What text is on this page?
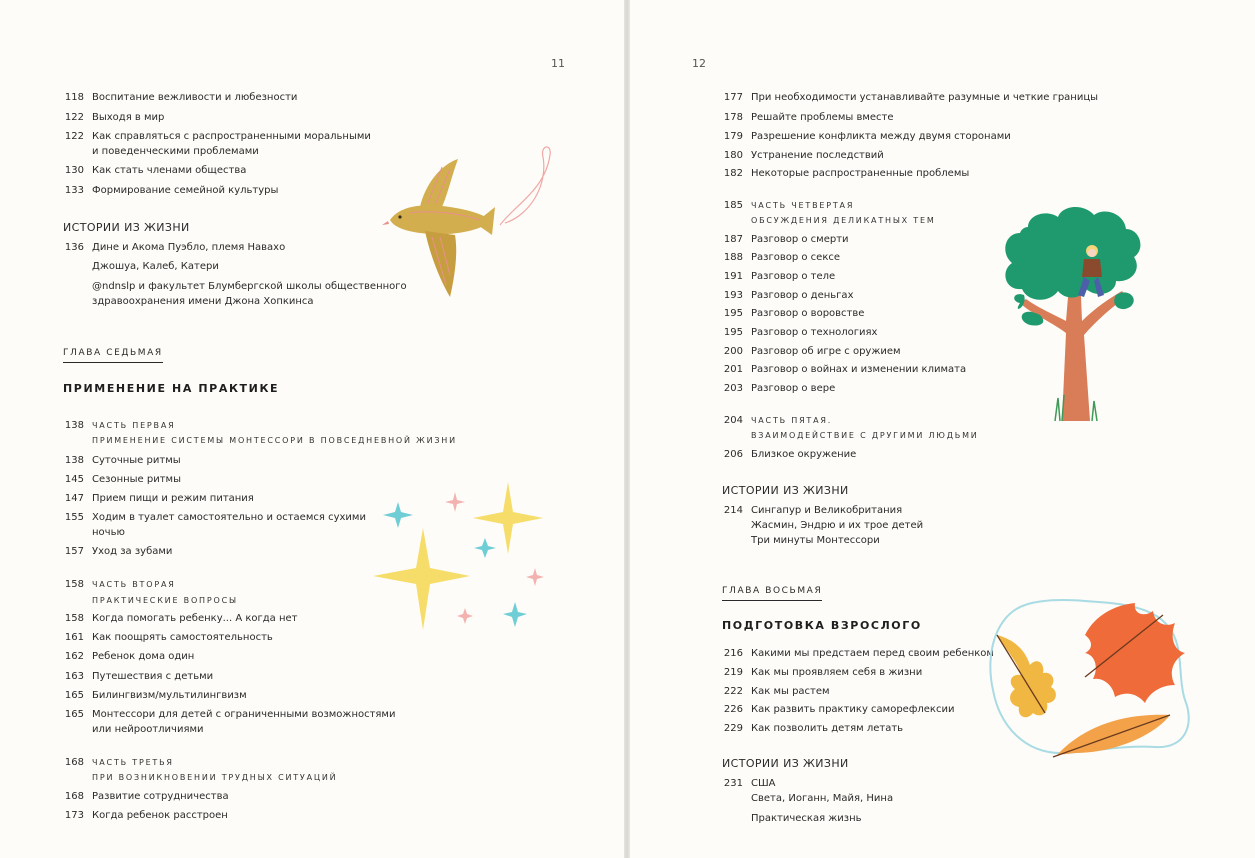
11
118 Воспитание вежливости и любезности
122 Выходя в мир
122 Как справляться с распространенными моральными
и поведенческими проблемами
130 Как стать членами общества
133 Формирование семейной культуры
ИСТОРИИ ИЗ ЖИЗНИ
136 Дине и Акома Пуэбло, племя Навахо
Джошуа, Калеб, Катери
@ndnslp и факультет Блумбергской школы общественного
здравоохранения имени Джона Хопкинса
ГЛАВА СЕДЬМАЯ
ПРИМЕНЕНИЕ НА ПРАКТИКЕ
138 ЧАСТЬ ПЕРВАЯ
ПРИМЕНЕНИЕ СИСТЕМЫ МОНТЕССОРИ В ПОВСЕДНЕВНОЙ ЖИЗНИ
138 Суточные ритмы
145 Сезонные ритмы
147 Прием пищи и режим питания
155 Ходим в туалет самостоятельно и остаемся сухими
ночью
157 Уход за зубами
158 ЧАСТЬ ВТОРАЯ
ПРАКТИЧЕСКИЕ ВОПРОСЫ
158 Когда помогать ребенку... А когда нет
161 Как поощрять самостоятельность
162 Ребенок дома один
163 Путешествия с детьми
165 Билингвизм/мультилингвизм
165 Монтессори для детей с ограниченными возможностями
или нейроотличиями
168 ЧАСТЬ ТРЕТЬЯ
ПРИ ВОЗНИКНОВЕНИИ ТРУДНЫХ СИТУАЦИЙ
168 Развитие сотрудничества
173 Когда ребенок расстроен
12
177 При необходимости устанавливайте разумные и четкие границы
178 Решайте проблемы вместе
179 Разрешение конфликта между двумя сторонами
180 Устранение последствий
182 Некоторые распространенные проблемы
185 ЧАСТЬ ЧЕТВЕРТАЯ
ОБСУЖДЕНИЯ ДЕЛИКАТНЫХ ТЕМ
187 Разговор о смерти
188 Разговор о сексе
191 Разговор о теле
193 Разговор о деньгах
195 Разговор о воровстве
195 Разговор о технологиях
200 Разговор об игре с оружием
201 Разговор о войнах и изменении климата
203 Разговор о вере
204 ЧАСТЬ ПЯТАЯ.
ВЗАИМОДЕЙСТВИЕ С ДРУГИМИ ЛЮДЬМИ
206 Близкое окружение
ИСТОРИИ ИЗ ЖИЗНИ
214 Сингапур и Великобритания
Жасмин, Эндрю и их трое детей
Три минуты Монтессори
ГЛАВА ВОСЬМАЯ
ПОДГОТОВКА ВЗРОСЛОГО
216 Какими мы предстаем перед своим ребенком
219 Как мы проявляем себя в жизни
222 Как мы растем
226 Как развить практику саморефлексии
229 Как позволить детям летать
ИСТОРИИ ИЗ ЖИЗНИ
231 США
Света, Иоганн, Майя, Нина
Практическая жизнь
